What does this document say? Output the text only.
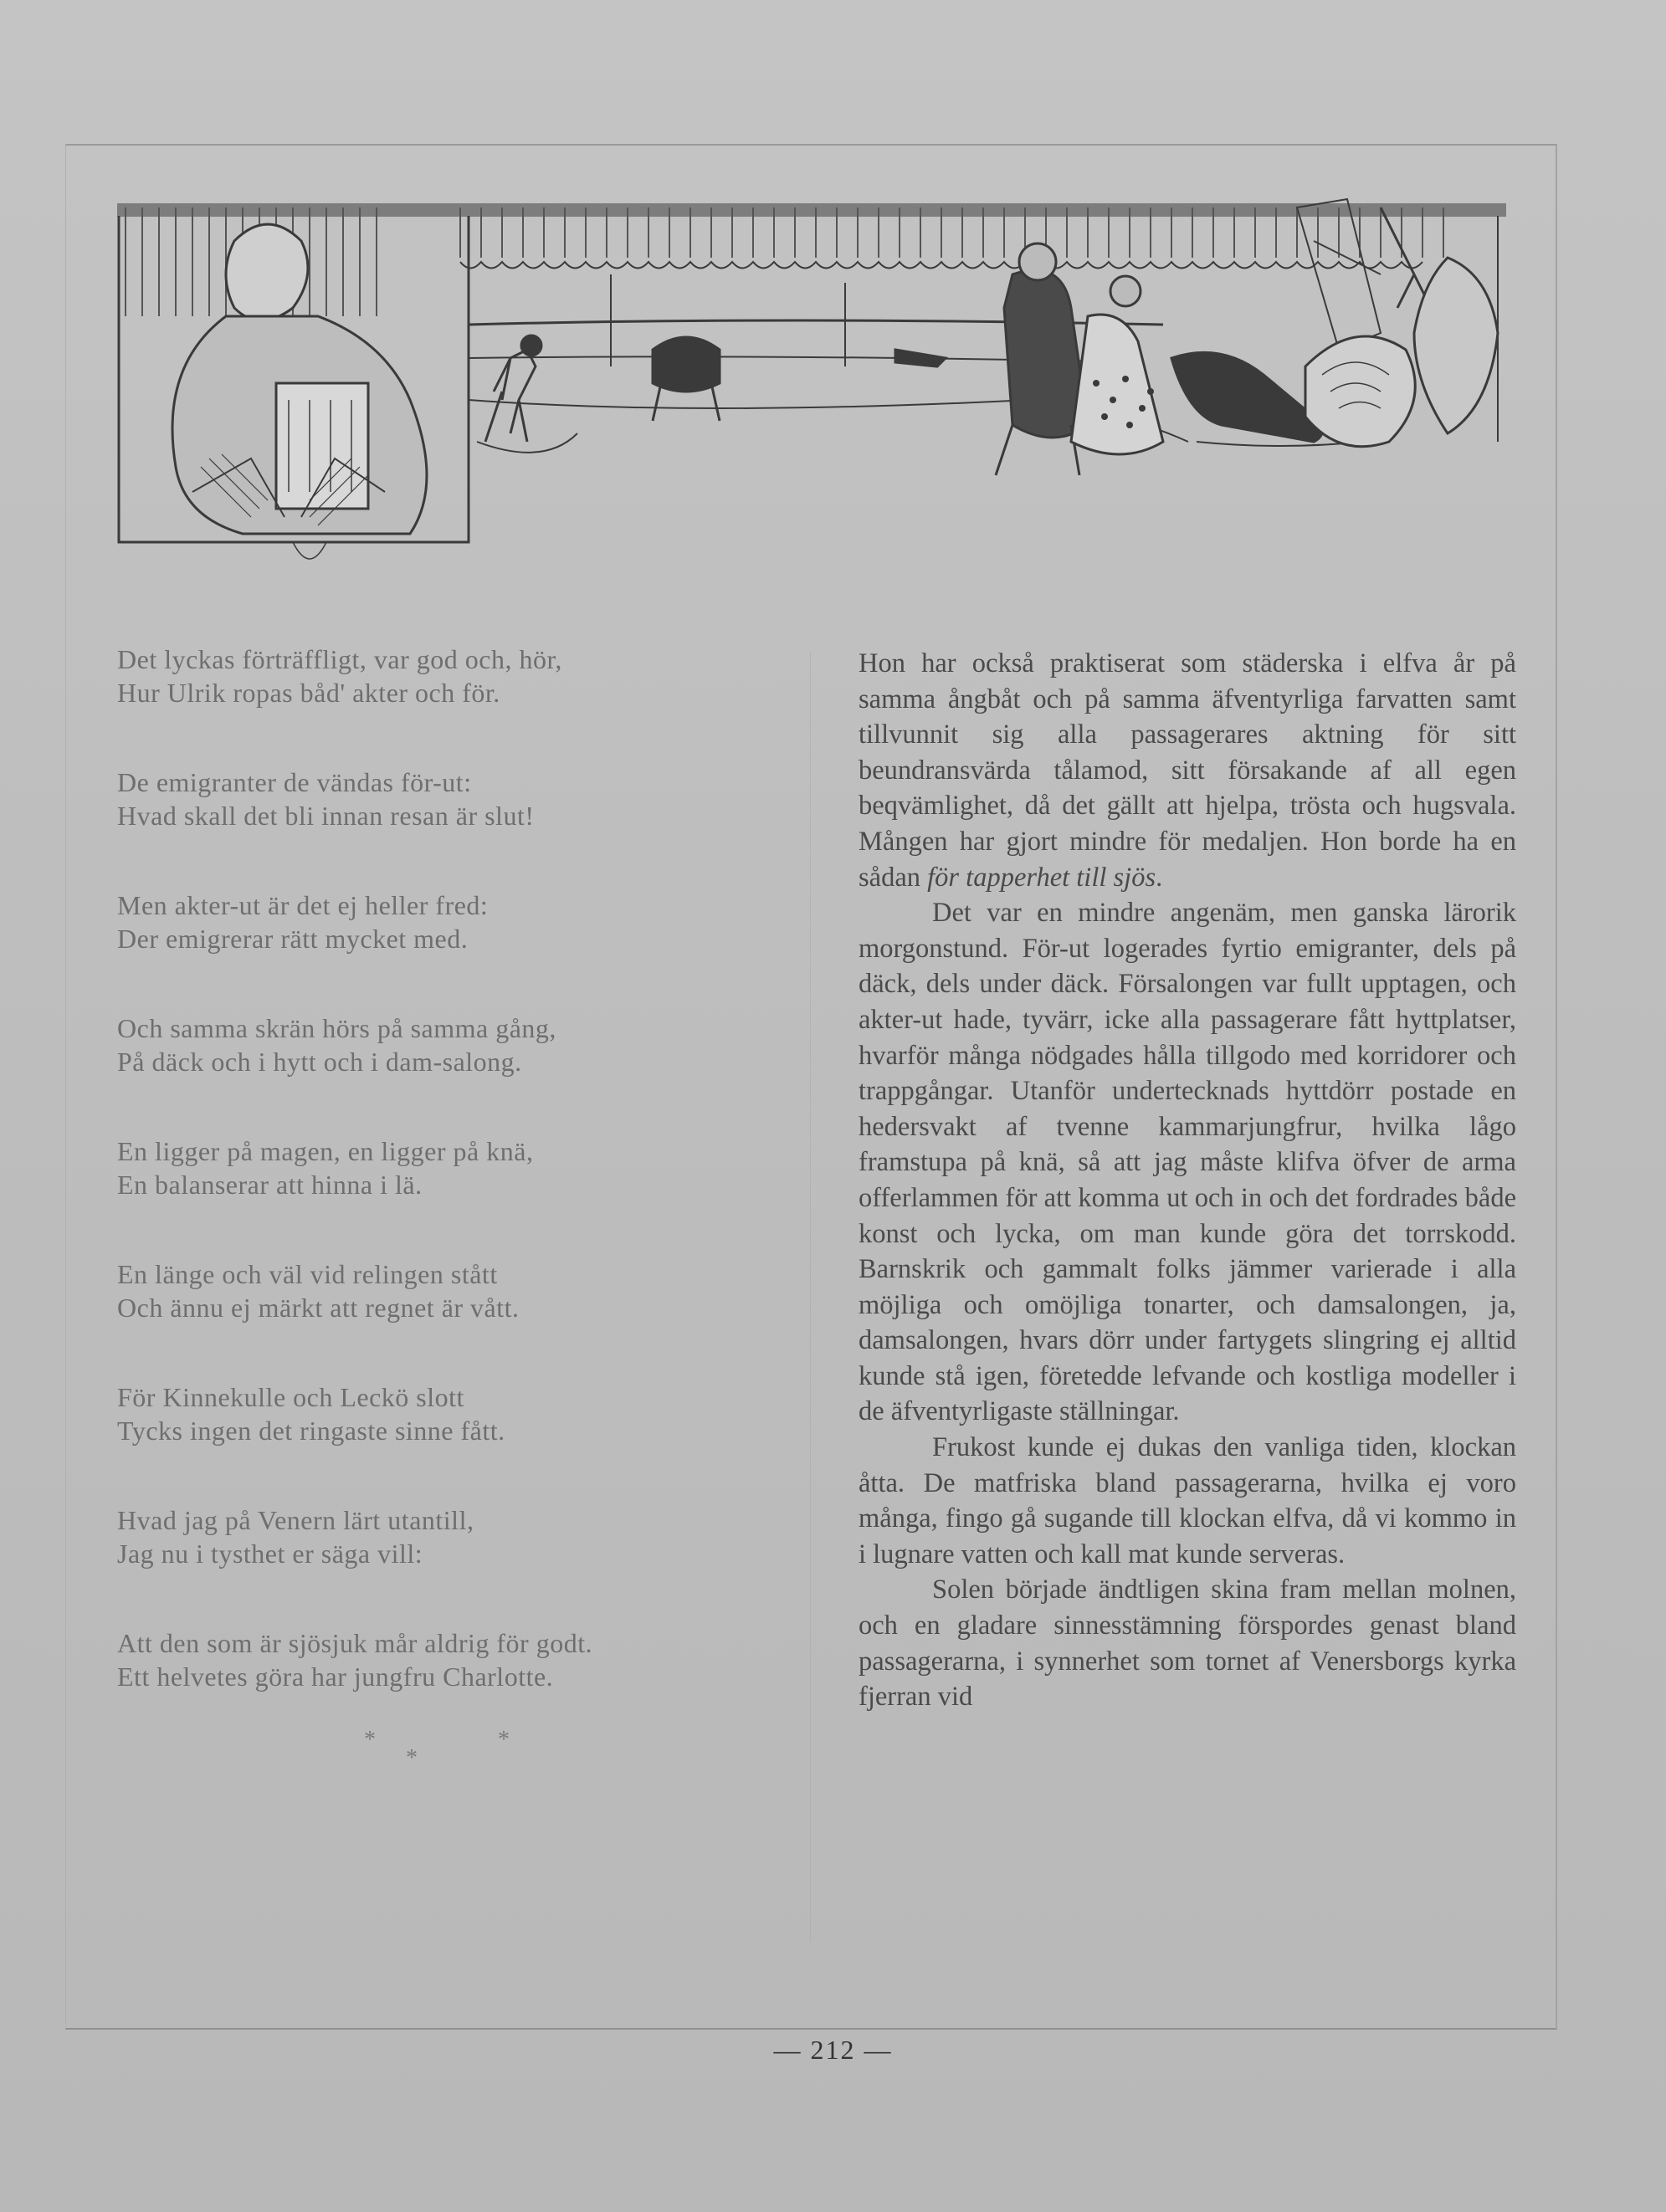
Det lyckas förträffligt, var god och, hör,
Hur Ulrik ropas båd' akter och för.
De emigranter de vändas för-ut:
Hvad skall det bli innan resan är slut!
Men akter-ut är det ej heller fred:
Der emigrerar rätt mycket med.
Och samma skrän hörs på samma gång,
På däck och i hytt och i dam-salong.
En ligger på magen, en ligger på knä,
En balanserar att hinna i lä.
En länge och väl vid relingen stått
Och ännu ej märkt att regnet är vått.
För Kinnekulle och Leckö slott
Tycks ingen det ringaste sinne fått.
Hvad jag på Venern lärt utantill,
Jag nu i tysthet er säga vill:
Att den som är sjösjuk mår aldrig för godt.
Ett helvetes göra har jungfru Charlotte.
*
*
*

Hon har också praktiserat som städerska i elfva år på samma ångbåt och på samma äfventyrliga farvatten samt tillvunnit sig alla passagerares aktning för sitt beundransvärda tålamod, sitt försakande af all egen beqvämlighet, då det gällt att hjelpa, trösta och hugsvala. Mången har gjort mindre för medaljen. Hon borde ha en sådan för tapperhet till sjös.

Det var en mindre angenäm, men ganska lärorik morgonstund. För-ut logerades fyrtio emigranter, dels på däck, dels under däck. Försalongen var fullt upptagen, och akter-ut hade, tyvärr, icke alla passagerare fått hyttplatser, hvarför många nödgades hålla tillgodo med korridorer och trappgångar. Utanför undertecknads hyttdörr postade en hedersvakt af tvenne kammarjungfrur, hvilka lågo framstupa på knä, så att jag måste klifva öfver de arma offerlammen för att komma ut och in och det fordrades både konst och lycka, om man kunde göra det torrskodd. Barnskrik och gammalt folks jämmer varierade i alla möjliga och omöjliga tonarter, och damsalongen, ja, damsalongen, hvars dörr under fartygets slingring ej alltid kunde stå igen, företedde lefvande och kostliga modeller i de äfventyrligaste ställningar.

Frukost kunde ej dukas den vanliga tiden, klockan åtta. De matfriska bland passagerarna, hvilka ej voro många, fingo gå sugande till klockan elfva, då vi kommo in i lugnare vatten och kall mat kunde serveras.

Solen började ändtligen skina fram mellan molnen, och en gladare sinnesstämning förspordes genast bland passagerarna, i synnerhet som tornet af Venersborgs kyrka fjerran vid

— 212 —
